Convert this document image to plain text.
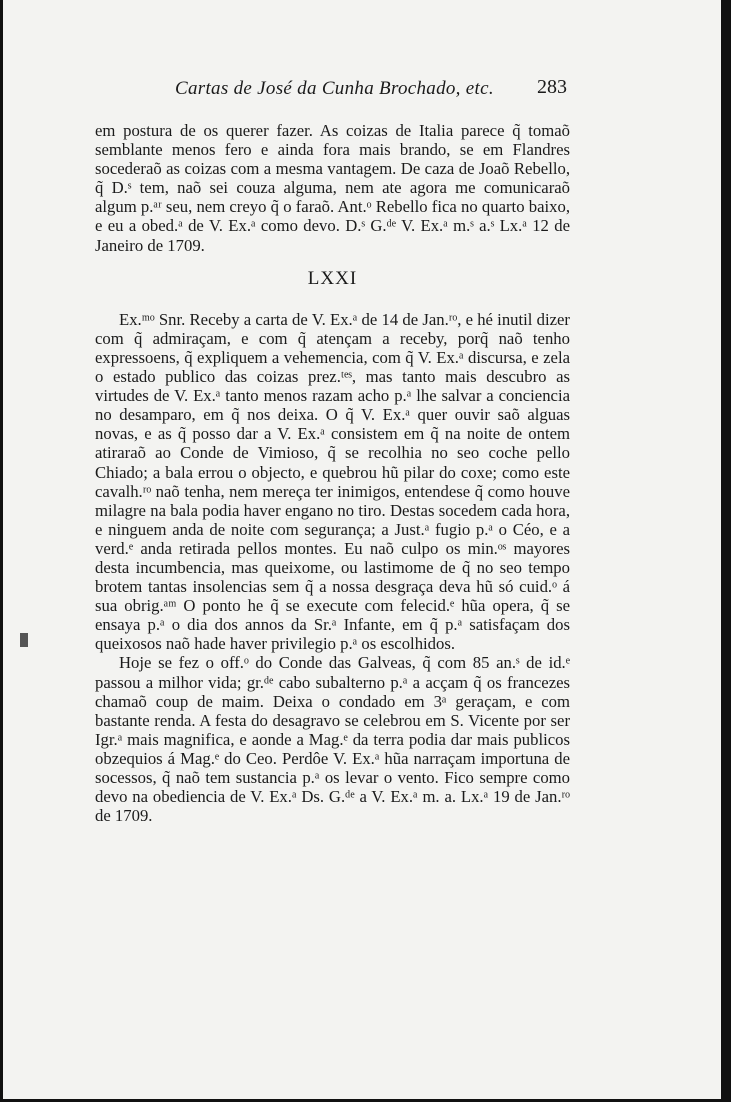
Cartas de José da Cunha Brochado, etc.	283

em postura de os querer fazer. As coizas de Italia parece q̃ tomaõ semblante menos fero e ainda fora mais brando, se em Flandres socederaõ as coizas com a mesma vantagem. De caza de Joaõ Rebello, q̃ D.ˢ tem, naõ sei couza alguma, nem ate agora me comunicaraõ algum p.ᵃʳ seu, nem creyo q̃ o faraõ. Ant.ᵒ Rebello fica no quarto baixo, e eu a obed.ᵃ de V. Ex.ᵃ como devo. D.ˢ G.ᵈᵉ V. Ex.ᵃ m.ˢ a.ˢ Lx.ᵃ 12 de Janeiro de 1709.

LXXI

Ex.ᵐᵒ Snr. Receby a carta de V. Ex.ᵃ de 14 de Jan.ʳᵒ, e hé inutil dizer com q̃ admiraçam, e com q̃ atençam a receby, porq̃ naõ tenho expressoens, q̃ expliquem a vehemencia, com q̃ V. Ex.ᵃ discursa, e zela o estado publico das coizas prez.ᵗᵉˢ, mas tanto mais descubro as virtudes de V. Ex.ᵃ tanto menos razam acho p.ᵃ lhe salvar a conciencia no desamparo, em q̃ nos deixa. O q̃ V. Ex.ᵃ quer ouvir saõ alguas novas, e as q̃ posso dar a V. Ex.ᵃ consistem em q̃ na noite de ontem atiraraõ ao Conde de Vimioso, q̃ se recolhia no seo coche pello Chiado; a bala errou o objecto, e quebrou hũ pilar do coxe; como este cavalh.ʳᵒ naõ tenha, nem mereça ter inimigos, entendese q̃ como houve milagre na bala podia haver engano no tiro. Destas socedem cada hora, e ninguem anda de noite com segurança; a Just.ᵃ fugio p.ᵃ o Céo, e a verd.ᵉ anda retirada pellos montes. Eu naõ culpo os min.ᵒˢ mayores desta incumbencia, mas queixome, ou lastimome de q̃ no seo tempo brotem tantas insolencias sem q̃ a nossa desgraça deva hũ só cuid.ᵒ á sua obrig.ᵃᵐ O ponto he q̃ se execute com felecid.ᵉ hũa opera, q̃ se ensaya p.ᵃ o dia dos annos da Sr.ᵃ Infante, em q̃ p.ᵃ satisfaçam dos queixosos naõ hade haver privilegio p.ᵃ os escolhidos.

Hoje se fez o off.ᵒ do Conde das Galveas, q̃ com 85 an.ˢ de id.ᵉ passou a milhor vida; gr.ᵈᵉ cabo subalterno p.ᵃ a acçam q̃ os francezes chamaõ coup de maim. Deixa o condado em 3ᵃ geraçam, e com bastante renda. A festa do desagravo se celebrou em S. Vicente por ser Igr.ᵃ mais magnifica, e aonde a Mag.ᵉ da terra podia dar mais publicos obzequios á Mag.ᵉ do Ceo. Perdôe V. Ex.ᵃ hũa narraçam importuna de socessos, q̃ naõ tem sustancia p.ᵃ os levar o vento. Fico sempre como devo na obediencia de V. Ex.ᵃ Ds. G.ᵈᵉ a V. Ex.ᵃ m. a. Lx.ᵃ 19 de Jan.ʳᵒ de 1709.
